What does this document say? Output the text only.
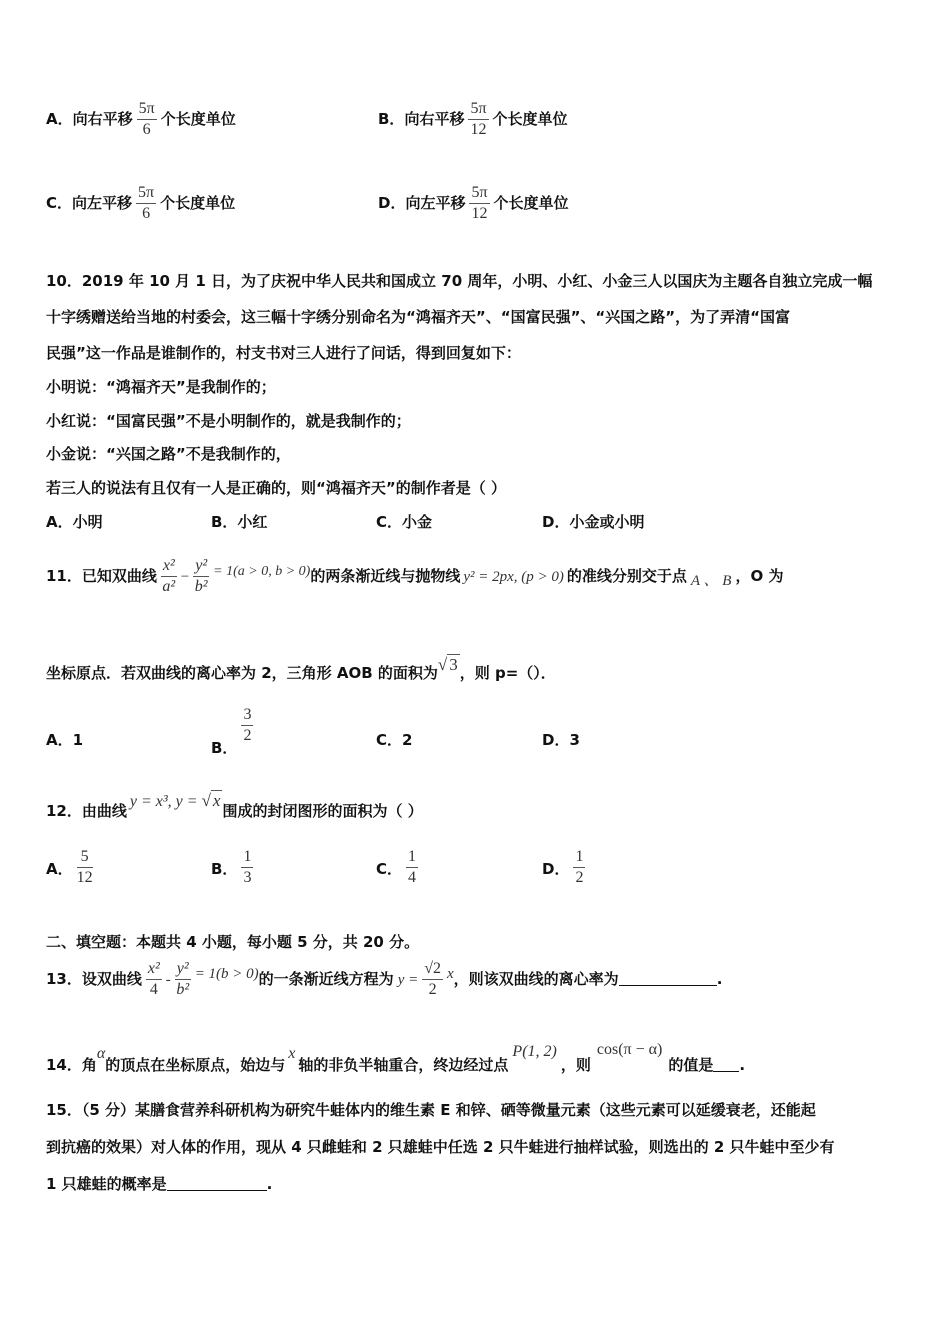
A．向右平移 $\frac{5\pi}{6}$ 个长度单位	B．向右平移 $\frac{5\pi}{12}$ 个长度单位
C．向左平移 $\frac{5\pi}{6}$ 个长度单位	D．向左平移 $\frac{5\pi}{12}$ 个长度单位
10．2019 年 10 月 1 日，为了庆祝中华人民共和国成立 70 周年，小明、小红、小金三人以国庆为主题各自独立完成一幅
十字绣赠送给当地的村委会，这三幅十字绣分别命名为“鸿福齐天”、“国富民强”、“兴国之路”，为了弄清“国富
民强”这一作品是谁制作的，村支书对三人进行了问话，得到回复如下：
小明说：“鸿福齐天”是我制作的；
小红说：“国富民强”不是小明制作的，就是我制作的；
小金说：“兴国之路”不是我制作的，
若三人的说法有且仅有一人是正确的，则“鸿福齐天”的制作者是（ ）
A．小明	B．小红	C．小金	D．小金或小明
11．已知双曲线 $\frac{\text{x²}}{\text{a²}} - \frac{\text{y²}}{\text{b²}} = 1(a > 0$, b > 0)的两条渐近线与抛物线 y² = 2px, (p > 0) 的准线分别交于点 A 、 B ，O 为
坐标原点．若双曲线的离心率为 2，三角形 AOB 的面积为√ 3 ，则 p=（）．
A．1	B．
$\frac{3}{2}$	C．2	D．3
12．由曲线y = x³, y = √ x围成的封闭图形的面积为（ ）
A． $\frac{5}{12}$	B． $\frac{1}{3}$	C． $\frac{1}{4}$	D． $\frac{1}{2}$
二、填空题：本题共 4 小题，每小题 5 分，共 20 分。
13．设双曲线 $\frac{\text{x²}}{4} - \frac{\text{y²}}{\text{b²}} = 1(b > 0)$的一条渐近线方程为 $y = \frac{√2}{2}$ x，则该双曲线的离心率为	.
14．角α的顶点在坐标原点，始边与x轴的非负半轴重合，终边经过点P(1, 2)，则cos(π − α)的值是 .
15．（5 分）某膳食营养科研机构为研究牛蛙体内的维生素 E 和锌、硒等微量元素（这些元素可以延缓衰老，还能起
到抗癌的效果）对人体的作用，现从 4 只雌蛙和 2 只雄蛙中任选 2 只牛蛙进行抽样试验，则选出的 2 只牛蛙中至少有
1 只雄蛙的概率是	.
